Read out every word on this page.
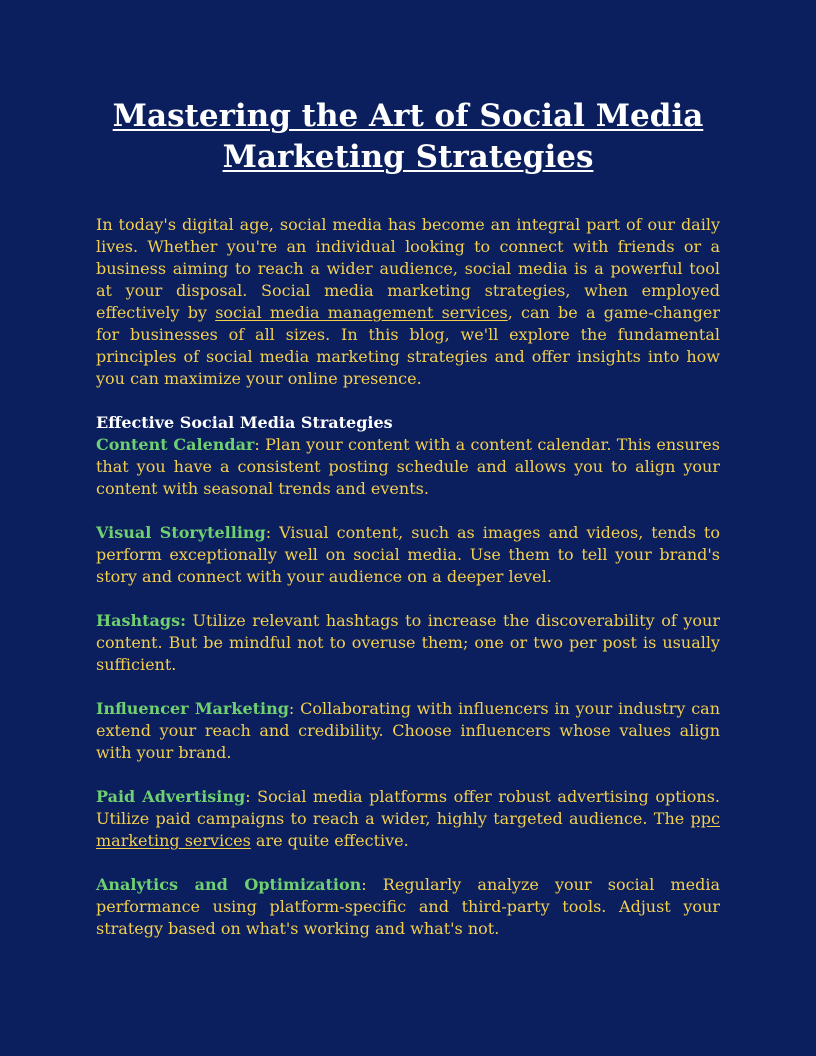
Mastering the Art of Social Media
Marketing Strategies

In today's digital age, social media has become an integral part of our daily lives. Whether you're an individual looking to connect with friends or a business aiming to reach a wider audience, social media is a powerful tool at your disposal. Social media marketing strategies, when employed effectively by social media management services, can be a game-changer for businesses of all sizes. In this blog, we'll explore the fundamental principles of social media marketing strategies and offer insights into how you can maximize your online presence.

Effective Social Media Strategies

Content Calendar: Plan your content with a content calendar. This ensures that you have a consistent posting schedule and allows you to align your content with seasonal trends and events.

Visual Storytelling: Visual content, such as images and videos, tends to perform exceptionally well on social media. Use them to tell your brand's story and connect with your audience on a deeper level.

Hashtags: Utilize relevant hashtags to increase the discoverability of your content. But be mindful not to overuse them; one or two per post is usually sufficient.

Influencer Marketing: Collaborating with influencers in your industry can extend your reach and credibility. Choose influencers whose values align with your brand.

Paid Advertising: Social media platforms offer robust advertising options. Utilize paid campaigns to reach a wider, highly targeted audience. The ppc marketing services are quite effective.

Analytics and Optimization: Regularly analyze your social media performance using platform-specific and third-party tools. Adjust your strategy based on what's working and what's not.
